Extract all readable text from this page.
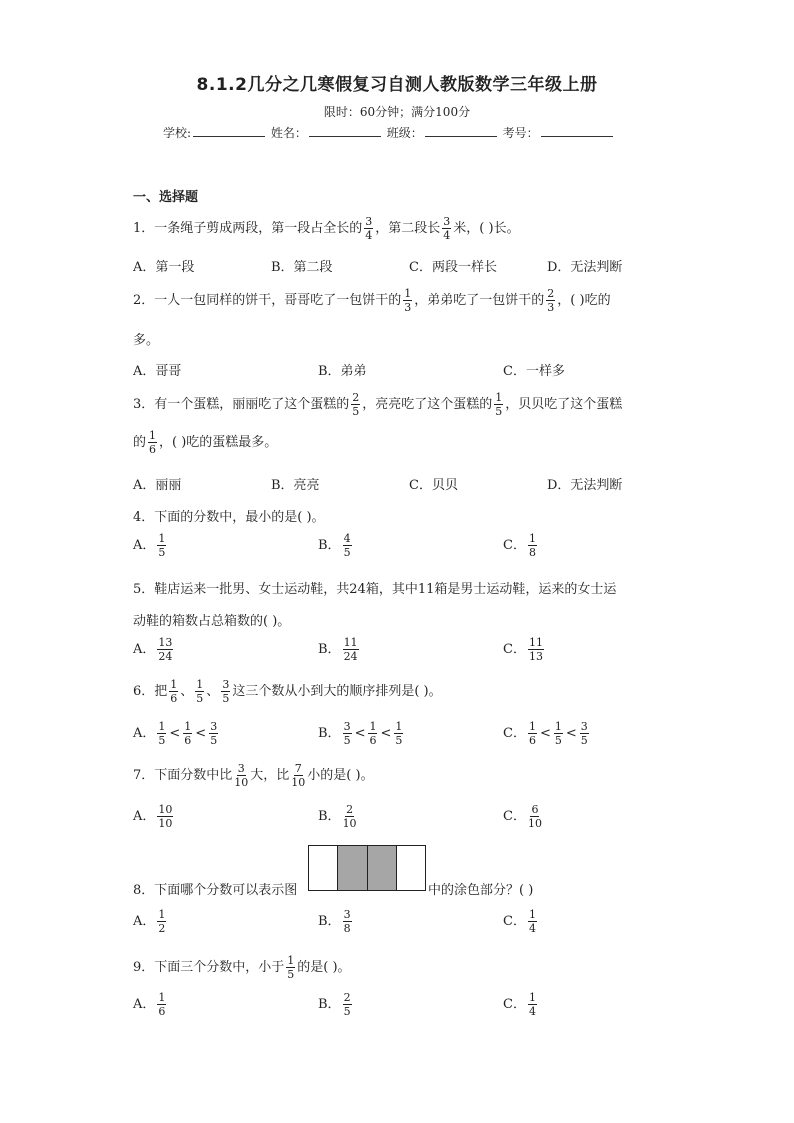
8.1.2几分之几寒假复习自测人教版数学三年级上册
限时：60分钟；满分100分
学校:	姓名：	班级：	考号：
一、选择题
1．一条绳子剪成两段，第一段占全长的 $\frac{3}{4}$ ，第二段长 $\frac{3}{4}$ 米，( )长。
A．第一段	B．第二段	C．两段一样长	D．无法判断
2．一人一包同样的饼干，哥哥吃了一包饼干的 $\frac{1}{3}$ ，弟弟吃了一包饼干的 $\frac{2}{3}$ ，( )吃的
多。
A．哥哥	B．弟弟	C．一样多
3．有一个蛋糕，丽丽吃了这个蛋糕的 $\frac{2}{5}$ ，亮亮吃了这个蛋糕的 $\frac{1}{5}$ ，贝贝吃了这个蛋糕
的 $\frac{1}{6}$ ，( )吃的蛋糕最多。
A．丽丽	B．亮亮	C．贝贝	D．无法判断
4．下面的分数中，最小的是( )。
A． $\frac{1}{5}$	B． $\frac{4}{5}$	C． $\frac{1}{8}$
5．鞋店运来一批男、女士运动鞋，共24箱，其中11箱是男士运动鞋，运来的女士运
动鞋的箱数占总箱数的( )。
A． $\frac{13}{24}$	B． $\frac{11}{24}$	C． $\frac{11}{13}$
6．把 $\frac{1}{6}$ 、 $\frac{1}{5}$ 、 $\frac{3}{5}$ 这三个数从小到大的顺序排列是( )。
A． $\frac{1}{5} < \frac{1}{6} < \frac{3}{5}$	B． $\frac{3}{5} < \frac{1}{6} < \frac{1}{5}$	C． $\frac{1}{6} < \frac{1}{5} < \frac{3}{5}$
7．下面分数中比 $\frac{3}{10}$ 大，比 $\frac{7}{10}$ 小的是( )。
A． $\frac{10}{10}$	B． $\frac{2}{10}$	C． $\frac{6}{10}$
8．下面哪个分数可以表示图	中的涂色部分？( )
A． $\frac{1}{2}$	B． $\frac{3}{8}$	C． $\frac{1}{4}$
9．下面三个分数中，小于 $\frac{1}{5}$ 的是( )。
A． $\frac{1}{6}$	B． $\frac{2}{5}$	C． $\frac{1}{4}$
